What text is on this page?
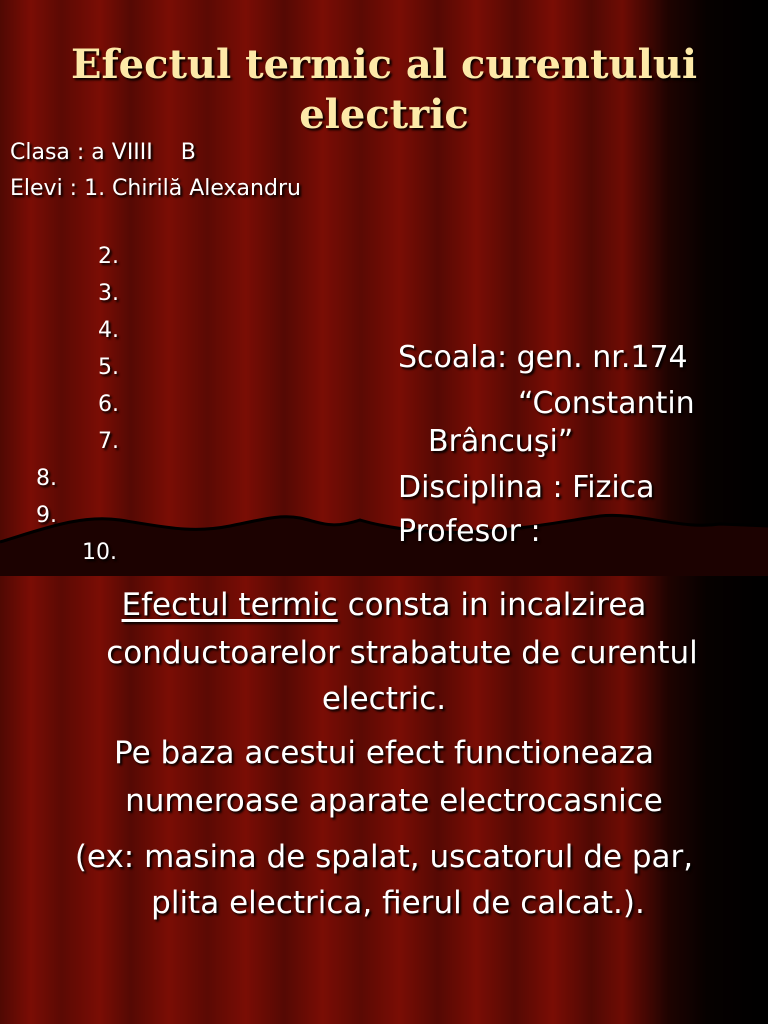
Efectul termic al curentului
electric
Clasa : a VIIII    B
Elevi : 1. Chirilă Alexandru
2.
3.
4.
5.
6.
7.
8.
9.
10.
Scoala: gen. nr.174
“Constantin
Brâncuşi”
Disciplina : Fizica
Profesor :

Efectul termic consta in incalzirea

conductoarelor strabatute de curentul

electric.

Pe baza acestui efect functioneaza

numeroase aparate electrocasnice

(ex: masina de spalat, uscatorul de par,

plita electrica, fierul de calcat.).
